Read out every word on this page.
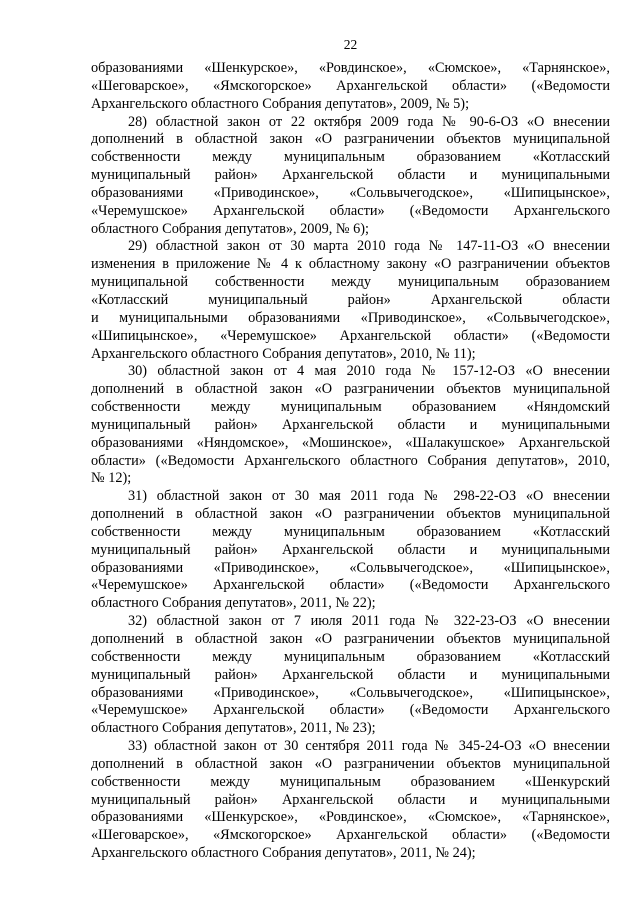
22
образованиями «Шенкурское», «Ровдинское», «Сюмское», «Тарнянское»,
«Шеговарское», «Ямскогорское» Архангельской области» («Ведомости
Архангельского областного Собрания депутатов», 2009, № 5);
28) областной закон от 22 октября 2009 года № 90-6-ОЗ «О внесении
дополнений в областной закон «О разграничении объектов муниципальной
собственности между муниципальным образованием «Котласский
муниципальный район» Архангельской области и муниципальными
образованиями «Приводинское», «Сольвычегодское», «Шипицынское»,
«Черемушское» Архангельской области» («Ведомости Архангельского
областного Собрания депутатов», 2009, № 6);
29) областной закон от 30 марта 2010 года № 147-11-ОЗ «О внесении
изменения в приложение № 4 к областному закону «О разграничении объектов
муниципальной собственности между муниципальным образованием
«Котласский муниципальный район» Архангельской области
и муниципальными образованиями «Приводинское», «Сольвычегодское»,
«Шипицынское», «Черемушское» Архангельской области» («Ведомости
Архангельского областного Собрания депутатов», 2010, № 11);
30) областной закон от 4 мая 2010 года № 157-12-ОЗ «О внесении
дополнений в областной закон «О разграничении объектов муниципальной
собственности между муниципальным образованием «Няндомский
муниципальный район» Архангельской области и муниципальными
образованиями «Няндомское», «Мошинское», «Шалакушское» Архангельской
области» («Ведомости Архангельского областного Собрания депутатов», 2010,
№ 12);
31) областной закон от 30 мая 2011 года № 298-22-ОЗ «О внесении
дополнений в областной закон «О разграничении объектов муниципальной
собственности между муниципальным образованием «Котласский
муниципальный район» Архангельской области и муниципальными
образованиями «Приводинское», «Сольвычегодское», «Шипицынское»,
«Черемушское» Архангельской области» («Ведомости Архангельского
областного Собрания депутатов», 2011, № 22);
32) областной закон от 7 июля 2011 года № 322-23-ОЗ «О внесении
дополнений в областной закон «О разграничении объектов муниципальной
собственности между муниципальным образованием «Котласский
муниципальный район» Архангельской области и муниципальными
образованиями «Приводинское», «Сольвычегодское», «Шипицынское»,
«Черемушское» Архангельской области» («Ведомости Архангельского
областного Собрания депутатов», 2011, № 23);
33) областной закон от 30 сентября 2011 года № 345-24-ОЗ «О внесении
дополнений в областной закон «О разграничении объектов муниципальной
собственности между муниципальным образованием «Шенкурский
муниципальный район» Архангельской области и муниципальными
образованиями «Шенкурское», «Ровдинское», «Сюмское», «Тарнянское»,
«Шеговарское», «Ямскогорское» Архангельской области» («Ведомости
Архангельского областного Собрания депутатов», 2011, № 24);
